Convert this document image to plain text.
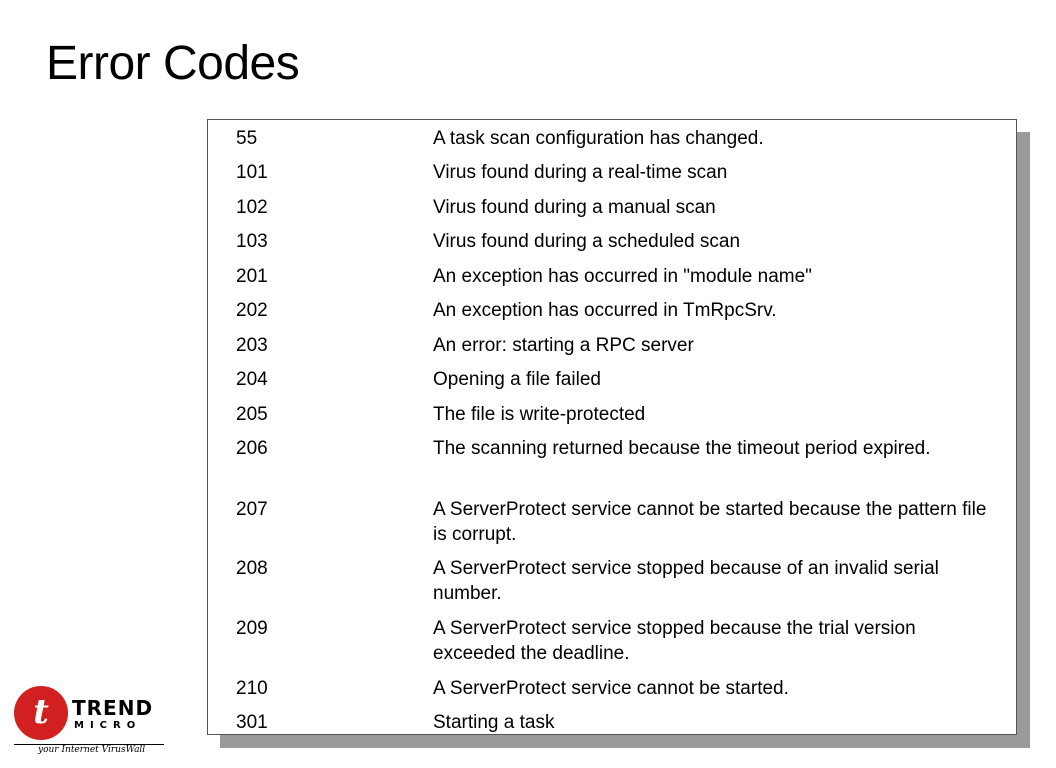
Error Codes
55	A task scan configuration has changed.
101	Virus found during a real-time scan
102	Virus found during a manual scan
103	Virus found during a scheduled scan
201	An exception has occurred in "module name"
202	An exception has occurred in TmRpcSrv.
203	An error: starting a RPC server
204	Opening a file failed
205	The file is write-protected
206	The scanning returned because the timeout period expired.
207	A ServerProtect service cannot be started because the pattern file is corrupt.
208	A ServerProtect service stopped because of an invalid serial number.
209	A ServerProtect service stopped because the trial version exceeded the deadline.
210	A ServerProtect service cannot be started.
301	Starting a task
t	TREND
MICRO
your Internet VirusWall
